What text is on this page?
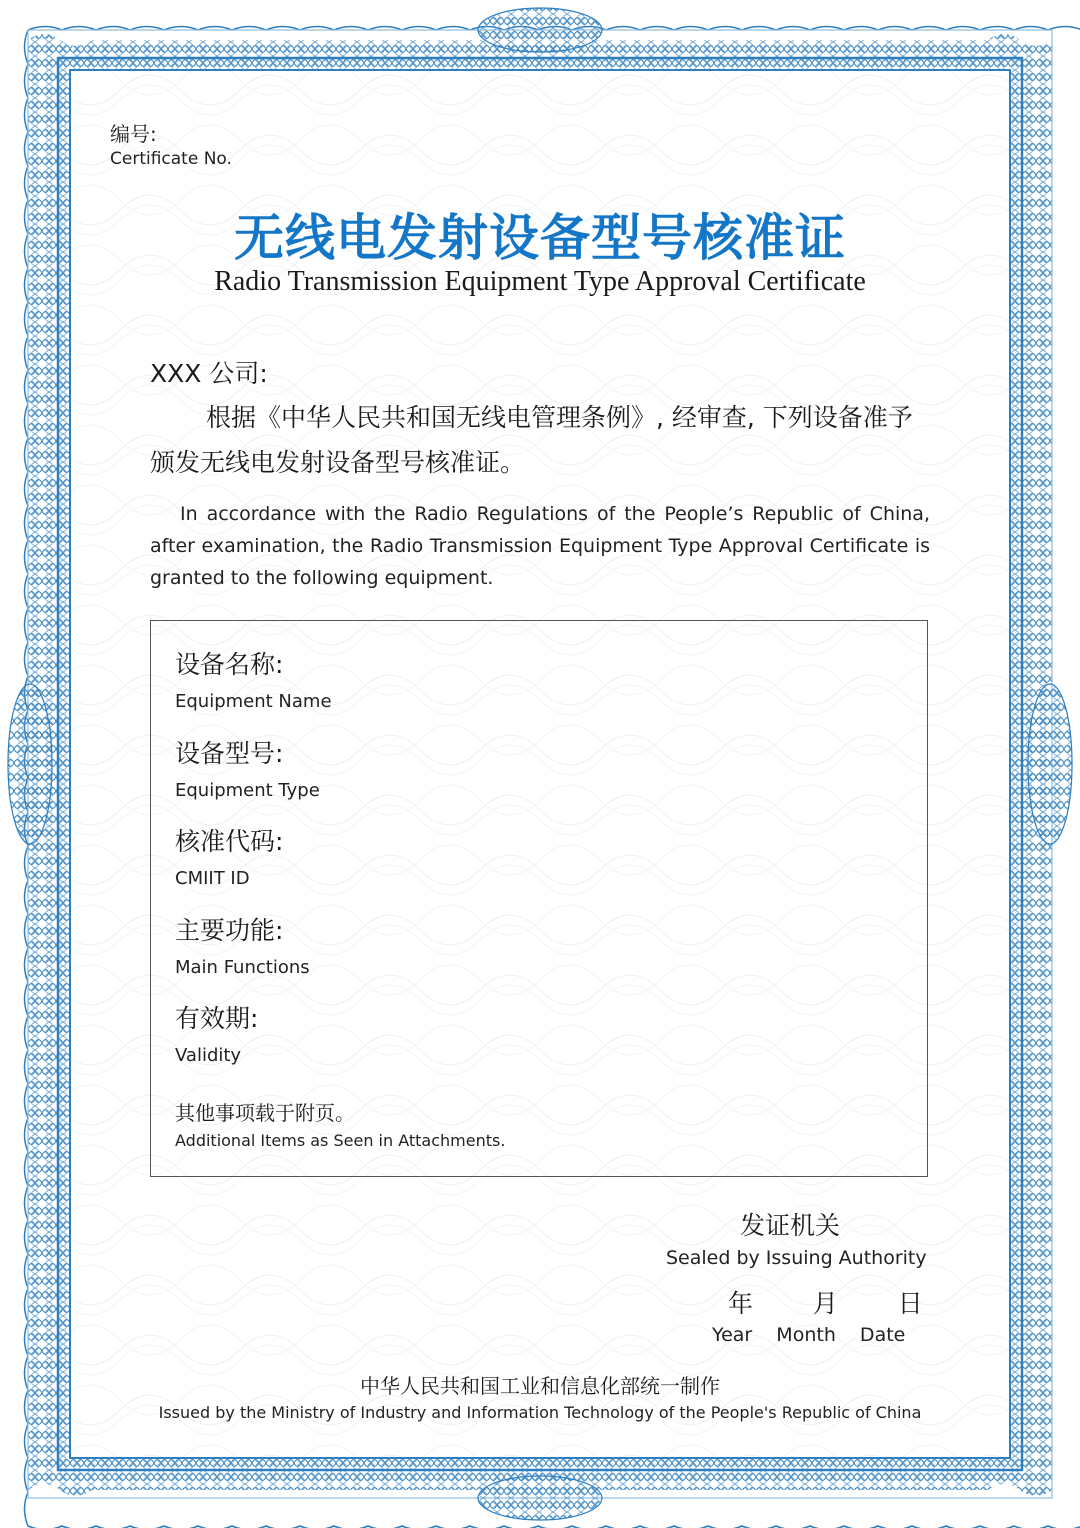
编号:
Certificate No.
无线电发射设备型号核准证
Radio Transmission Equipment Type Approval Certificate
XXX 公司:
根据《中华人民共和国无线电管理条例》, 经审查, 下列设备准予颁发无线电发射设备型号核准证。
In accordance with the Radio Regulations of the People’s Republic of China, after examination, the Radio Transmission Equipment Type Approval Certificate is granted to the following equipment.
设备名称:
Equipment Name
设备型号:
Equipment Type
核准代码:
CMIIT ID
主要功能:
Main Functions
有效期:
Validity
其他事项载于附页。
Additional Items as Seen in Attachments.
发证机关
Sealed by Issuing Authority
年  月  日
Year  Month  Date
中华人民共和国工业和信息化部统一制作
Issued by the Ministry of Industry and Information Technology of the People's Republic of China
